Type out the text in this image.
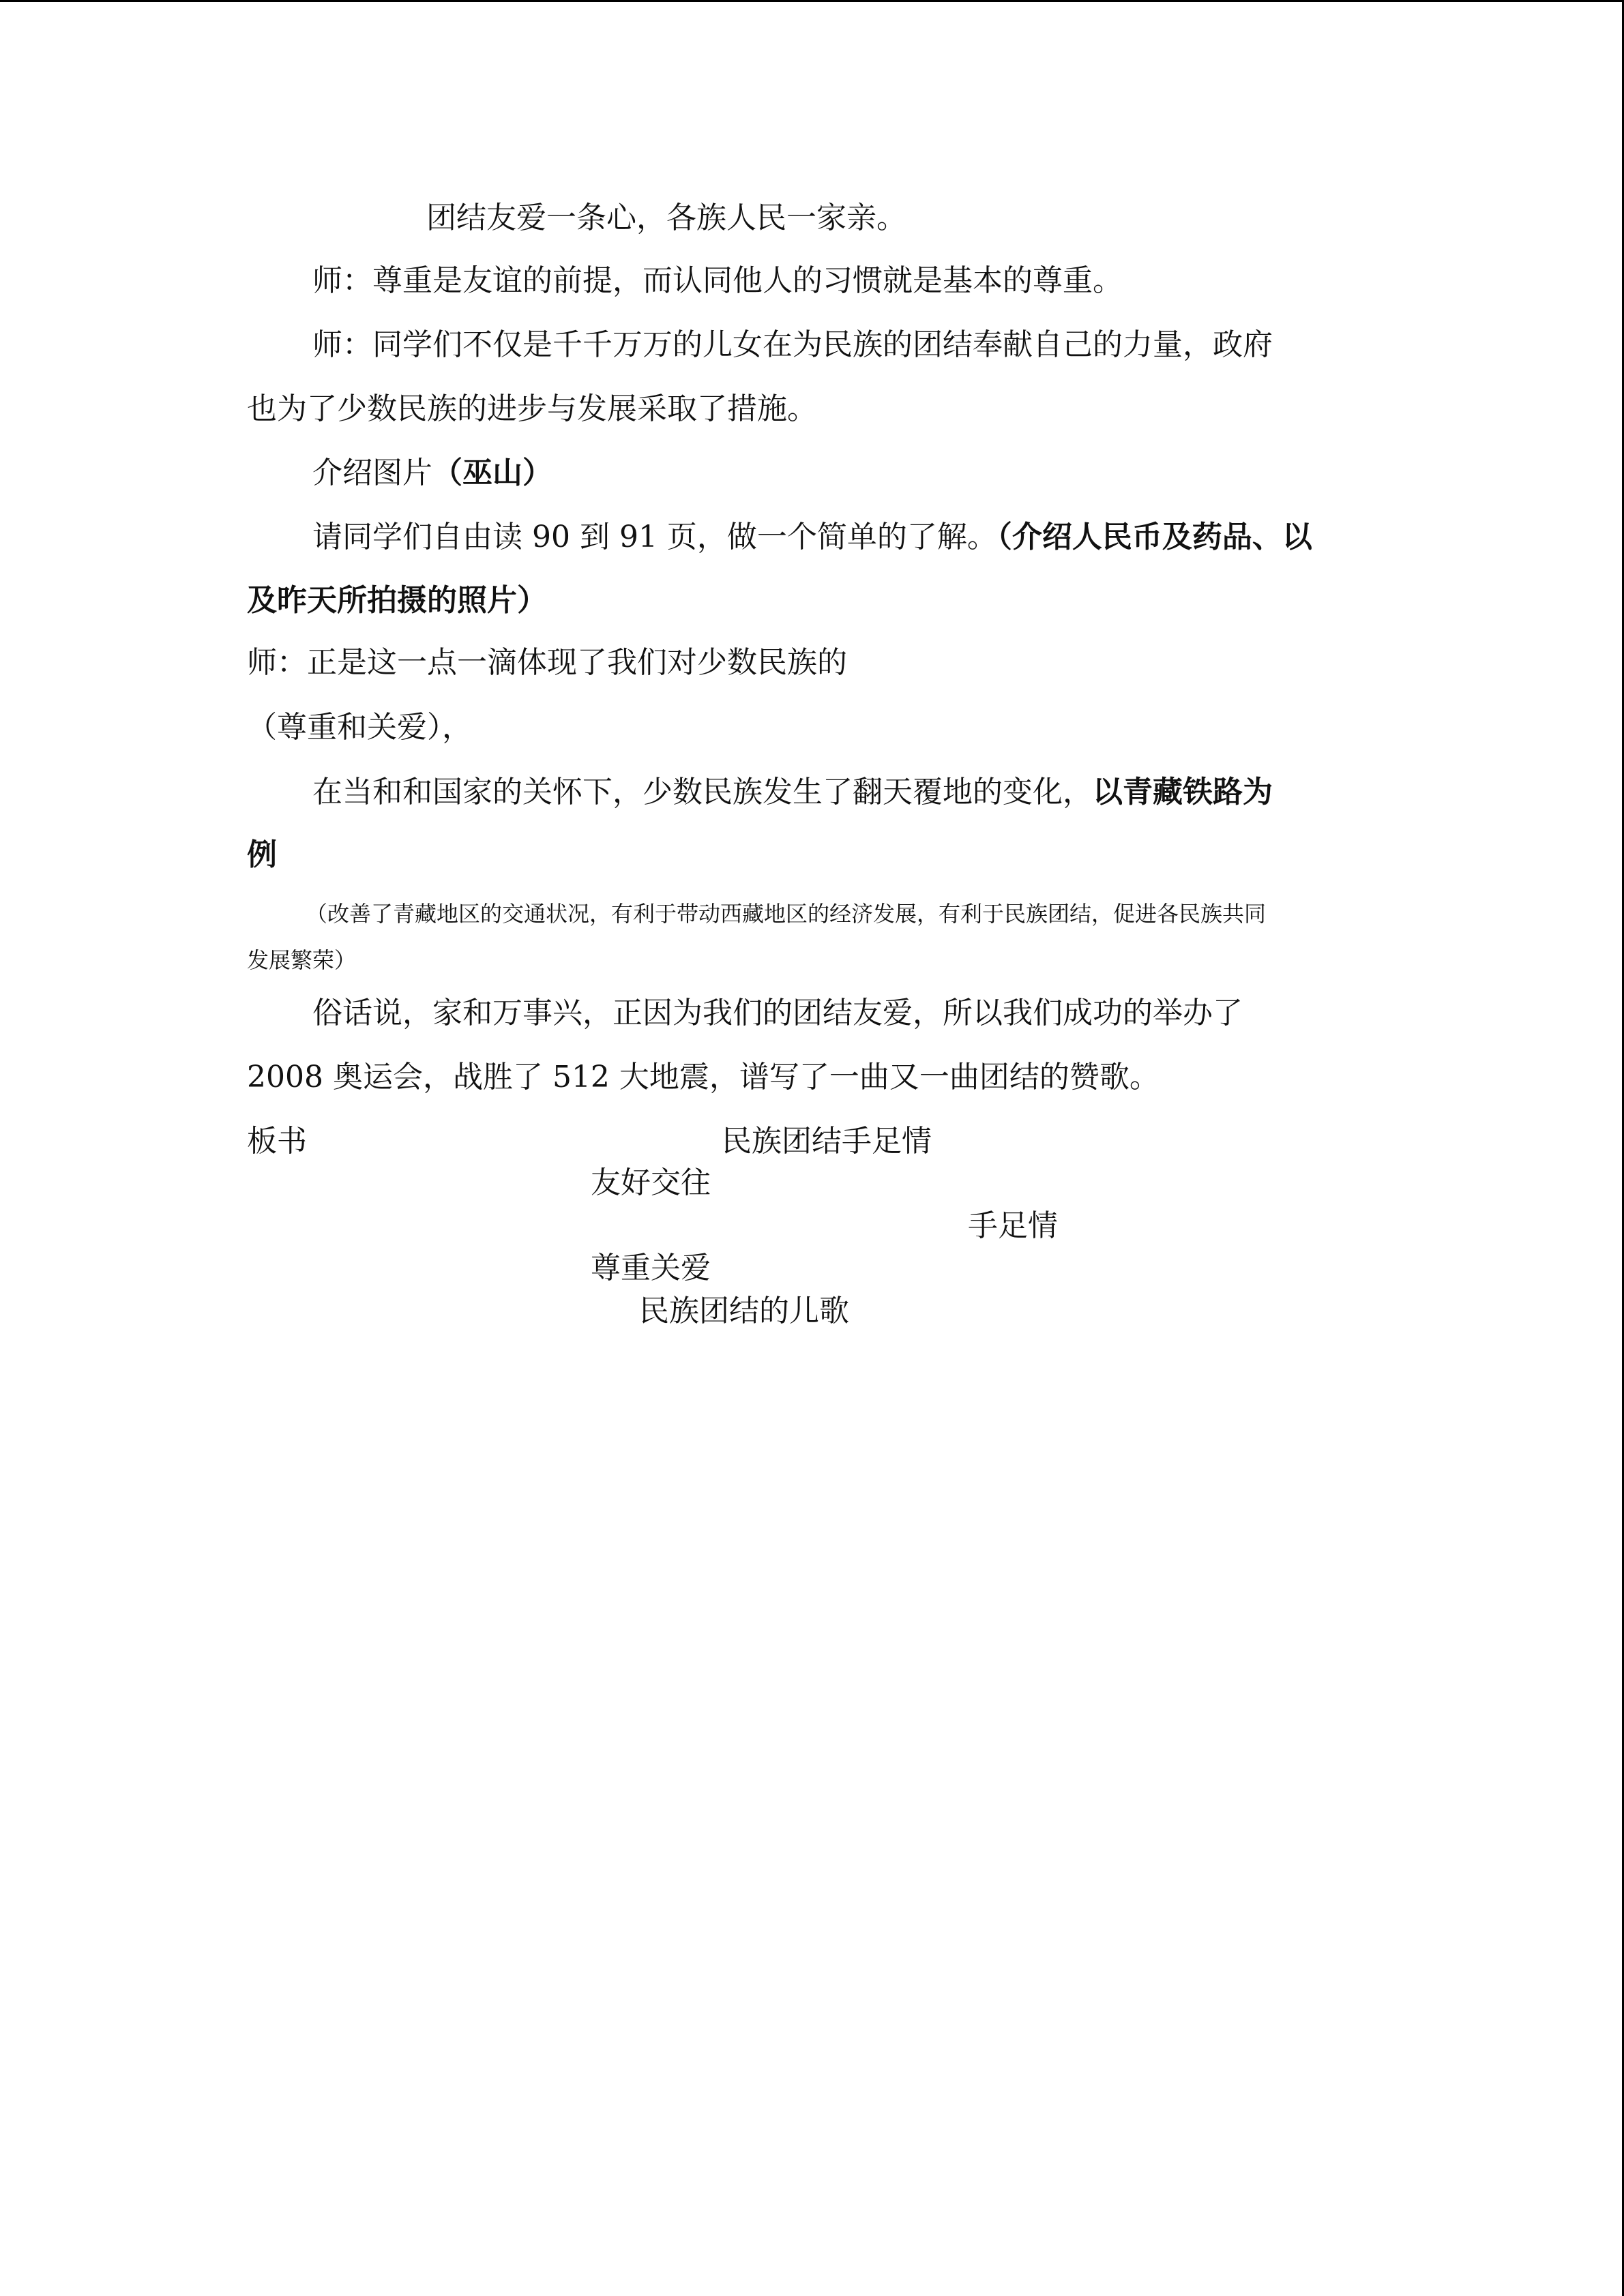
团结友爱一条心，各族人民一家亲。
师：尊重是友谊的前提，而认同他人的习惯就是基本的尊重。
师：同学们不仅是千千万万的儿女在为民族的团结奉献自己的力量，政府
也为了少数民族的进步与发展采取了措施。
介绍图片（巫山）
请同学们自由读 90 到 91 页，做一个简单的了解。（介绍人民币及药品、以
及昨天所拍摄的照片）
师：正是这一点一滴体现了我们对少数民族的
（尊重和关爱），
在当和和国家的关怀下，少数民族发生了翻天覆地的变化，以青藏铁路为
例
（改善了青藏地区的交通状况，有利于带动西藏地区的经济发展，有利于民族团结，促进各民族共同
发展繁荣）
俗话说，家和万事兴，正因为我们的团结友爱，所以我们成功的举办了
2008 奥运会，战胜了 512 大地震，谱写了一曲又一曲团结的赞歌。
板书	民族团结手足情
友好交往
手足情
尊重关爱
民族团结的儿歌
